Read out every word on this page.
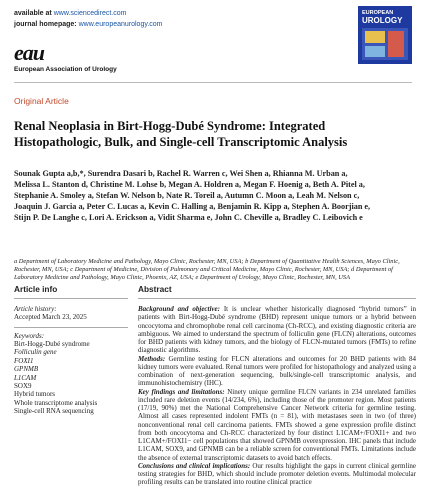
available at www.sciencedirect.com
journal homepage: www.europeanurology.com
EUROPEAN
UROLOGY
eau
European Association of Urology
Original Article
Renal Neoplasia in Birt-Hogg-Dubé Syndrome: Integrated Histopathologic, Bulk, and Single-cell Transcriptomic Analysis
Sounak Gupta a,b,*, Surendra Dasari b, Rachel R. Warren c, Wei Shen a, Rhianna M. Urban a,
Melissa L. Stanton d, Christine M. Lohse b, Megan A. Holdren a, Megan F. Hoenig a, Beth A. Pitel a,
Stephanie A. Smoley a, Stefan W. Nelson b, Nate R. Toreil a, Autumn C. Moon a, Leah M. Nelson c,
Joaquin J. Garcia a, Peter C. Lucas a, Kevin C. Halling a, Benjamin R. Kipp a, Stephen A. Boorjian e,
Stijn P. De Langhe c, Lori A. Erickson a, Vidit Sharma e, John C. Cheville a, Bradley C. Leibovich e
a Department of Laboratory Medicine and Pathology, Mayo Clinic, Rochester, MN, USA; b Department of Quantitative Health Sciences, Mayo Clinic, Rochester, MN, USA; c Department of Medicine, Division of Pulmonary and Critical Medicine, Mayo Clinic, Rochester, MN, USA; d Department of Laboratory Medicine and Pathology, Mayo Clinic, Phoenix, AZ, USA; e Department of Urology, Mayo Clinic, Rochester, MN, USA
Article info
Article history:
Accepted March 23, 2025
Keywords:
Birt-Hogg-Dubé syndrome
Folliculin gene
FOXI1
GPNMB
L1CAM
SOX9
Hybrid tumors
Whole transcriptome analysis
Single-cell RNA sequencing
Abstract
Background and objective: It is unclear whether historically diagnosed “hybrid tumors” in patients with Birt-Hogg-Dubé syndrome (BHD) represent unique tumors or a hybrid between oncocytoma and chromophobe renal cell carcinoma (Ch-RCC), and existing diagnostic criteria are ambiguous. We aimed to understand the spectrum of folliculin gene (FLCN) alterations, outcomes for BHD patients with kidney tumors, and the biology of FLCN-mutated tumors (FMTs) to refine diagnostic algorithms.
Methods: Germline testing for FLCN alterations and outcomes for 20 BHD patients with 84 kidney tumors were evaluated. Renal tumors were profiled for histopathology and analyzed using a combination of next-generation sequencing, bulk/single-cell transcriptomic analysis, and immunohistochemistry (IHC).
Key findings and limitations: Ninety unique germline FLCN variants in 234 unrelated families included rare deletion events (14/234, 6%), including those of the promoter region. Most patients (17/19, 90%) met the National Comprehensive Cancer Network criteria for germline testing. Almost all cases represented indolent FMTs (n = 81), with metastases seen in two (of three) nonconventional renal cell carcinoma patients. FMTs showed a gene expression profile distinct from both oncocytoma and Ch-RCC characterized by four distinct L1CAM+/FOXI1+ and two L1CAM+/FOXI1− cell populations that showed GPNMB overexpression. IHC panels that include L1CAM, SOX9, and GPNMB can be a reliable screen for conventional FMTs. Limitations include the absence of external transcriptomic datasets to avoid batch effects.
Conclusions and clinical implications: Our results highlight the gaps in current clinical germline testing strategies for BHD, which should include promoter deletion events. Multimodal molecular profiling results can be translated into routine clinical practice
